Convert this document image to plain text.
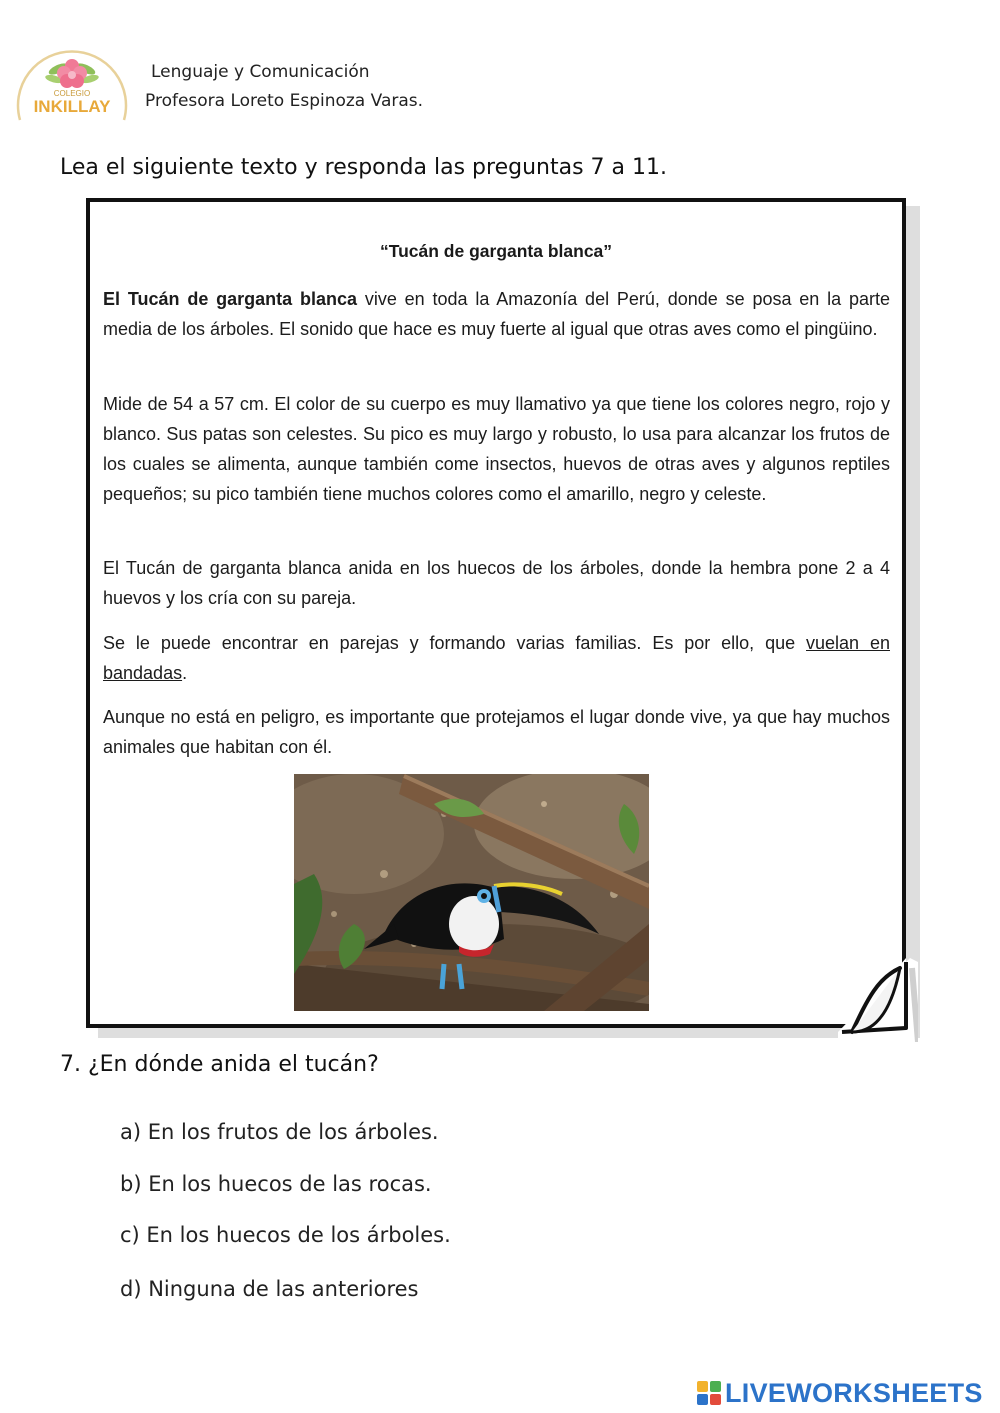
COLEGIO
INKILLAY
Lenguaje y Comunicación
Profesora Loreto Espinoza Varas.
Lea el siguiente texto y responda las preguntas 7 a 11.
“Tucán de garganta blanca”

El Tucán de garganta blanca vive en toda la Amazonía del Perú, donde se posa en la parte media de los árboles. El sonido que hace es muy fuerte al igual que otras aves como el pingüino.

Mide de 54 a 57 cm. El color de su cuerpo es muy llamativo ya que tiene los colores negro, rojo y blanco. Sus patas son celestes. Su pico es muy largo y robusto, lo usa para alcanzar los frutos de los cuales se alimenta, aunque también come insectos, huevos de otras aves y algunos reptiles pequeños; su pico también tiene muchos colores como el amarillo, negro y celeste.

El Tucán de garganta blanca anida en los huecos de los árboles, donde la hembra pone 2 a 4 huevos y los cría con su pareja.

Se le puede encontrar en parejas y formando varias familias. Es por ello, que vuelan en bandadas.

Aunque no está en peligro, es importante que protejamos el lugar donde vive, ya que hay muchos animales que habitan con él.

7. ¿En dónde anida el tucán?
a) En los frutos de los árboles.
b) En los huecos de las rocas.
c) En los huecos de los árboles.
d) Ninguna de las anteriores
LIVEWORKSHEETS
